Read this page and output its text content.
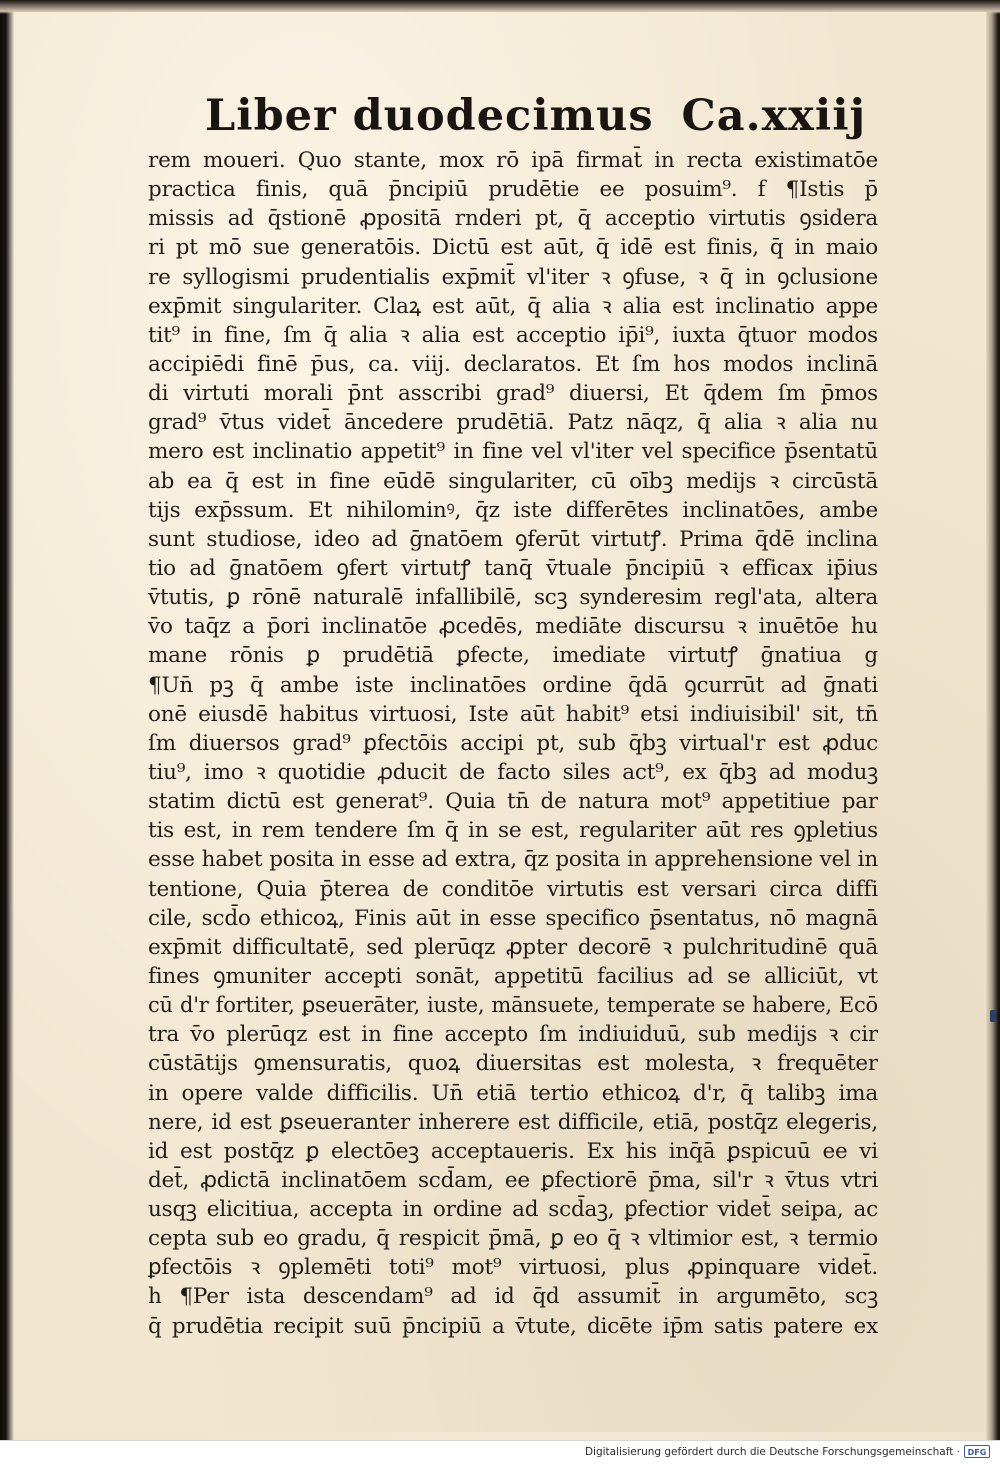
Liber duodecimus Ca.xxiij
rem moueri. Quo stante, mox rō ipā firmat̄ in recta existimatōe
practica finis, quā p̄ncipiū prudētie ee posuim⁹. f ¶Istis p̄
missis ad q̄stionē ꝓpositā rnderi pt, q̄ acceptio virtutis ꝯsidera
ri pt mō sue generatōis. Dictū est aūt, q̄ idē est finis, q̄ in maio
re syllogismi prudentialis exp̄mit̄ vl'iter ꝛ ꝯfuse, ꝛ q̄ in ꝯclusione
exp̄mit singulariter. Claꝝ est aūt, q̄ alia ꝛ alia est inclinatio appe
tit⁹ in fine, ſm q̄ alia ꝛ alia est acceptio ip̄i⁹, iuxta q̄tuor modos
accipiēdi finē p̄us, ca. viij. declaratos. Et ſm hos modos inclinā
di virtuti morali p̄nt asscribi grad⁹ diuersi, Et q̄dem ſm p̄mos
grad⁹ v̄tus videt̄ āncedere prudētiā. Patz nāqz, q̄ alia ꝛ alia nu
mero est inclinatio appetit⁹ in fine vel vl'iter vel specifice p̄sentatū
ab ea q̄ est in fine eūdē singulariter, cū oībꝫ medijs ꝛ circūstā
tijs exp̄ssum. Et nihilominꝰ, q̄z iste differētes inclinatōes, ambe
sunt studiose, ideo ad ḡnatōem ꝯferūt virtutꝭ. Prima q̄dē inclina
tio ad ḡnatōem ꝯfert virtutꝭ tanq̄ v̄tuale p̄ncipiū ꝛ efficax ip̄ius
v̄tutis, ꝑ rōnē naturalē infallibilē, scꝫ synderesim regl'ata, altera
v̄o taq̄z a p̄ori inclinatōe ꝓcedēs, mediāte discursu ꝛ inuētōe hu
mane rōnis ꝑ prudētiā ꝑfecte, imediate virtutꝭ ḡnatiua g
¶Un̄ pꝫ q̄ ambe iste inclinatōes ordine q̄dā ꝯcurrūt ad ḡnati
onē eiusdē habitus virtuosi, Iste aūt habit⁹ etsi indiuisibil' sit, tn̄
ſm diuersos grad⁹ ꝑfectōis accipi pt, sub q̄bꝫ virtual'r est ꝓduc
tiu⁹, imo ꝛ quotidie ꝓducit de facto siles act⁹, ex q̄bꝫ ad moduꝫ
statim dictū est generat⁹. Quia tn̄ de natura mot⁹ appetitiue par
tis est, in rem tendere ſm q̄ in se est, regulariter aūt res ꝯpletius
esse habet posita in esse ad extra, q̄z posita in apprehensione vel in
tentione, Quia p̄terea de conditōe virtutis est versari circa diffi
cile, scd̄o ethicoꝝ, Finis aūt in esse specifico p̄sentatus, nō magnā
exp̄mit difficultatē, sed plerūqz ꝓpter decorē ꝛ pulchritudinē quā
fines ꝯmuniter accepti sonāt, appetitū facilius ad se alliciūt, vt
cū d'r fortiter, ꝑseuerāter, iuste, mānsuete, temperate se habere, Ecō
tra v̄o plerūqz est in fine accepto ſm indiuiduū, sub medijs ꝛ cir
cūstātijs ꝯmensuratis, quoꝝ diuersitas est molesta, ꝛ frequēter
in opere valde difficilis. Un̄ etiā tertio ethicoꝝ d'r, q̄ talibꝫ ima
nere, id est ꝑseueranter inherere est difficile, etiā, postq̄z elegeris,
id est postq̄z ꝑ electōeꝫ acceptaueris. Ex his inq̄ā ꝑspicuū ee vi
det̄, ꝓdictā inclinatōem scd̄am, ee ꝑfectiorē p̄ma, sil'r ꝛ v̄tus vtri
usqꝫ elicitiua, accepta in ordine ad scd̄aꝫ, ꝑfectior videt̄ seipa, ac
cepta sub eo gradu, q̄ respicit p̄mā, ꝑ eo q̄ ꝛ vltimior est, ꝛ termio
ꝑfectōis ꝛ ꝯplemēti toti⁹ mot⁹ virtuosi, plus ꝓpinquare videt̄.
h ¶Per ista descendam⁹ ad id q̄d assumit̄ in argumēto, scꝫ
q̄ prudētia recipit suū p̄ncipiū a v̄tute, dicēte ip̄m satis patere ex
Digitalisierung gefördert durch die Deutsche Forschungsgemeinschaft · DFG
